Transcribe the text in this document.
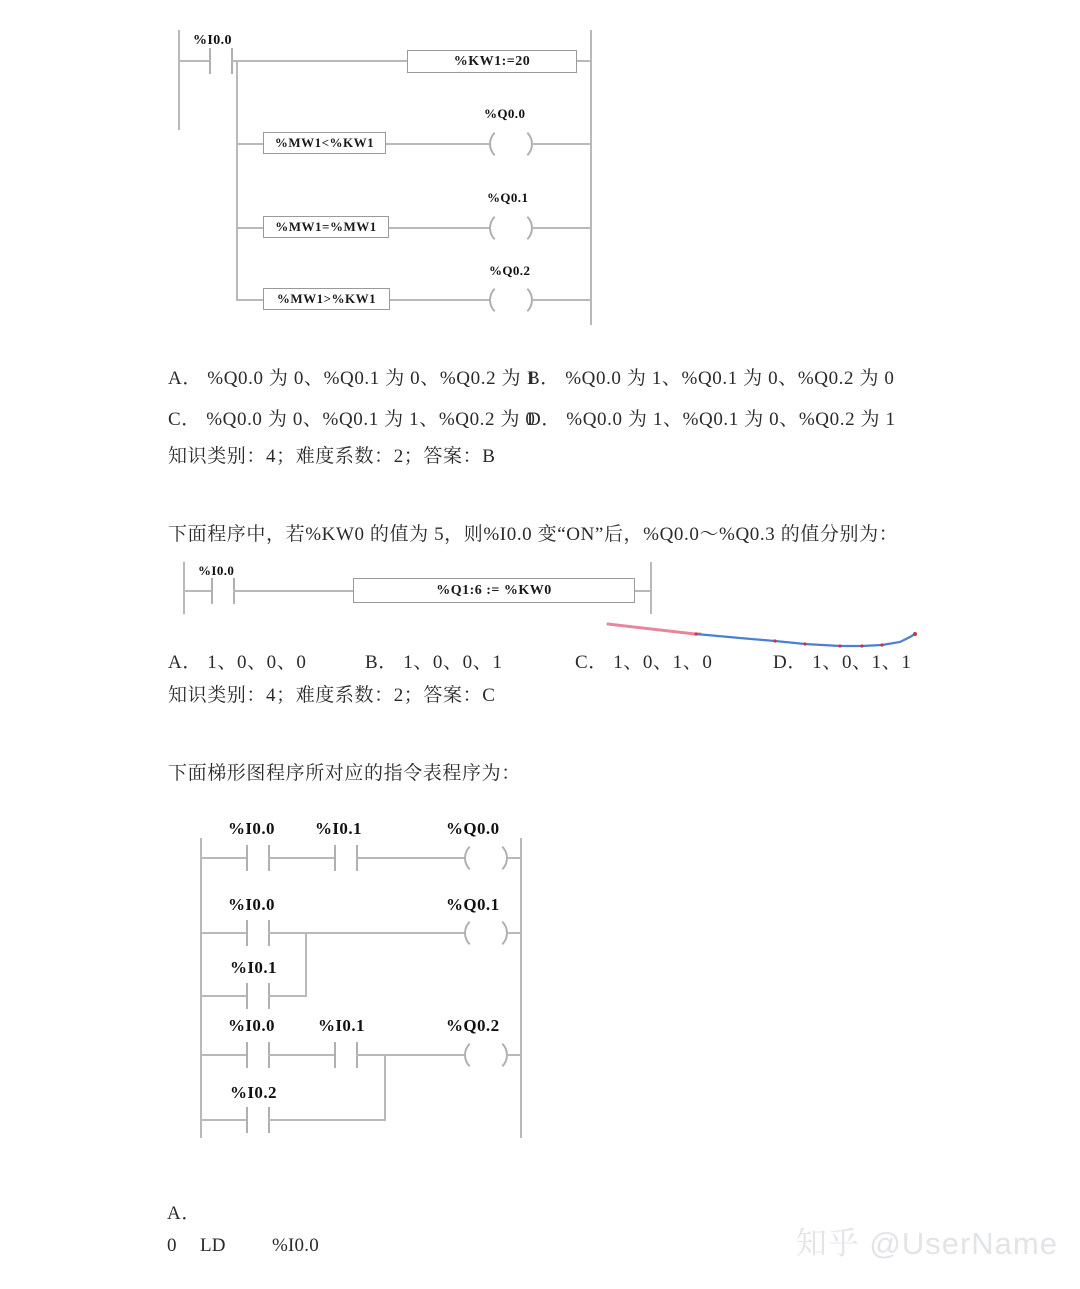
%I0.0
%KW1:=20
%Q0.0
%MW1<%KW1
%Q0.1
%MW1=%MW1
%Q0.2
%MW1>%KW1
A． %Q0.0 为 0、%Q0.1 为 0、%Q0.2 为 1
B． %Q0.0 为 1、%Q0.1 为 0、%Q0.2 为 0
C． %Q0.0 为 0、%Q0.1 为 1、%Q0.2 为 0
D． %Q0.0 为 1、%Q0.1 为 0、%Q0.2 为 1
知识类别：4；难度系数：2；答案：B
下面程序中，若%KW0 的值为 5，则%I0.0 变“ON”后，%Q0.0～%Q0.3 的值分别为：
%I0.0
%Q1:6 := %KW0
A． 1、0、0、0	B． 1、0、0、1	C． 1、0、1、0	D． 1、0、1、1
知识类别：4；难度系数：2；答案：C
下面梯形图程序所对应的指令表程序为：
%I0.0 %I0.1	%Q0.0
%I0.0	%Q0.1
%I0.1
%I0.0	%I0.1	%Q0.2
%I0.2
A．
0 LD %I0.0	知乎 @UserName
